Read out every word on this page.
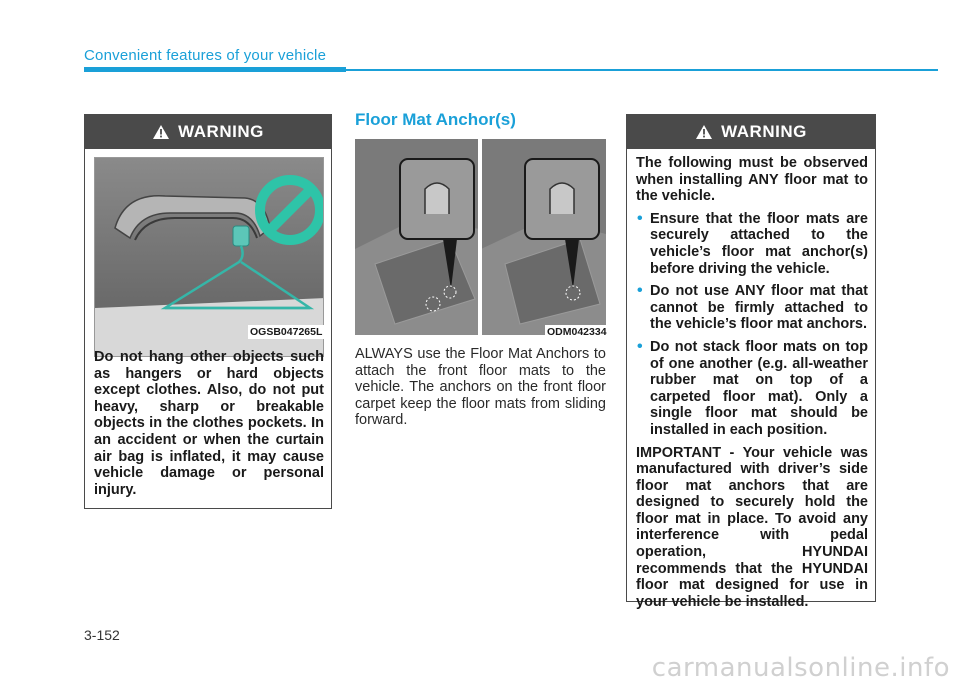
Convenient features of your vehicle
WARNING
Do not hang other objects such as hangers or hard objects except clothes. Also, do not put heavy, sharp or breakable objects in the clothes pockets. In an accident or when the curtain air bag is inflated, it may cause vehicle damage or personal injury.
OGSB047265L
Floor Mat Anchor(s)
ODM042334
ALWAYS use the Floor Mat Anchors to attach the front floor mats to the vehicle. The anchors on the front floor carpet keep the floor mats from sliding forward.
WARNING

The following must be observed when installing ANY floor mat to the vehicle.

• Ensure that the floor mats are securely attached to the vehicle’s floor mat anchor(s) before driving the vehicle.
• Do not use ANY floor mat that cannot be firmly attached to the vehicle’s floor mat anchors.
• Do not stack floor mats on top of one another (e.g. all-weather rubber mat on top of a carpeted floor mat). Only a single floor mat should be installed in each position.

IMPORTANT - Your vehicle was manufactured with driver’s side floor mat anchors that are designed to securely hold the floor mat in place. To avoid any interference with pedal operation, HYUNDAI recommends that the HYUNDAI floor mat designed for use in your vehicle be installed.

3-152
carmanualsonline.info
